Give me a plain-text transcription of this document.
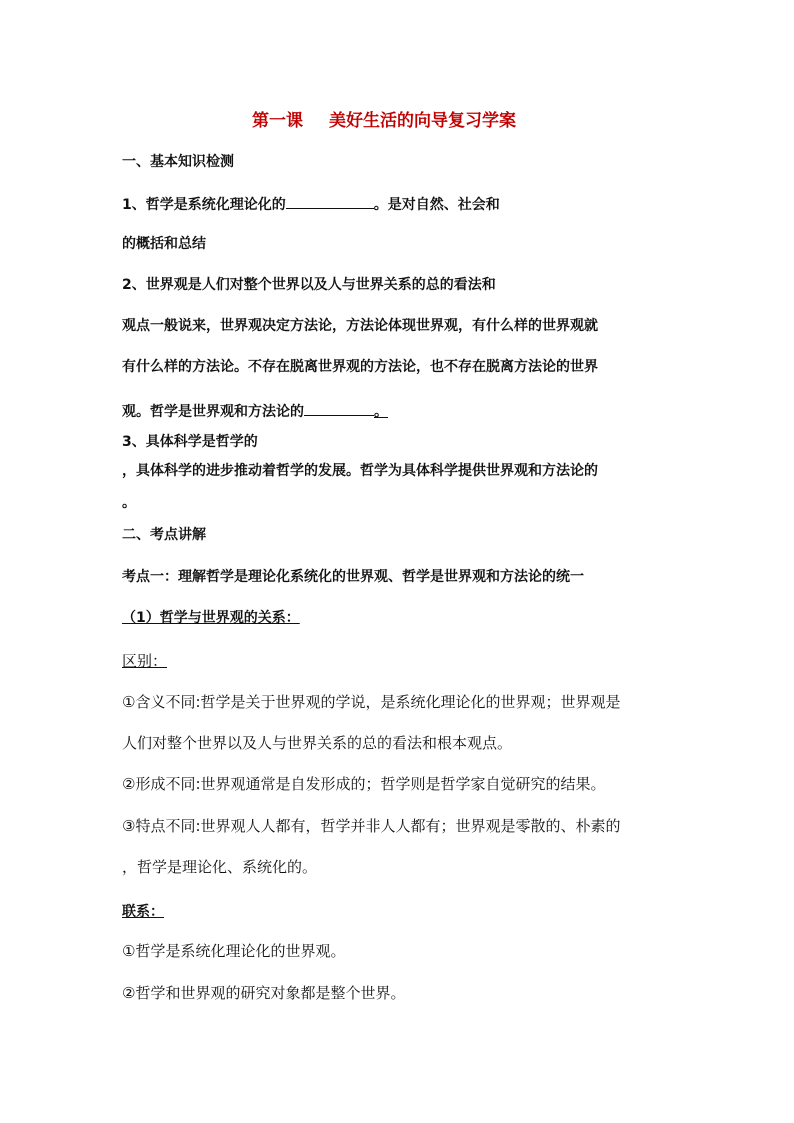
第一课 美好生活的向导复习学案
一、基本知识检测
1、哲学是系统化理论化的	。是对自然、社会和
的概括和总结
2、世界观是人们对整个世界以及人与世界关系的总的看法和
观点一般说来，世界观决定方法论，方法论体现世界观，有什么样的世界观就
有什么样的方法论。不存在脱离世界观的方法论，也不存在脱离方法论的世界
观。哲学是世界观和方法论的	。
3、具体科学是哲学的
，具体科学的进步推动着哲学的发展。哲学为具体科学提供世界观和方法论的
。
二、考点讲解
考点一：理解哲学是理论化系统化的世界观、哲学是世界观和方法论的统一
（1）哲学与世界观的关系：
区别：
①含义不同:哲学是关于世界观的学说，是系统化理论化的世界观；世界观是
人们对整个世界以及人与世界关系的总的看法和根本观点。
②形成不同:世界观通常是自发形成的；哲学则是哲学家自觉研究的结果。
③特点不同:世界观人人都有，哲学并非人人都有；世界观是零散的、朴素的
，哲学是理论化、系统化的。
联系：
①哲学是系统化理论化的世界观。
②哲学和世界观的研究对象都是整个世界。
